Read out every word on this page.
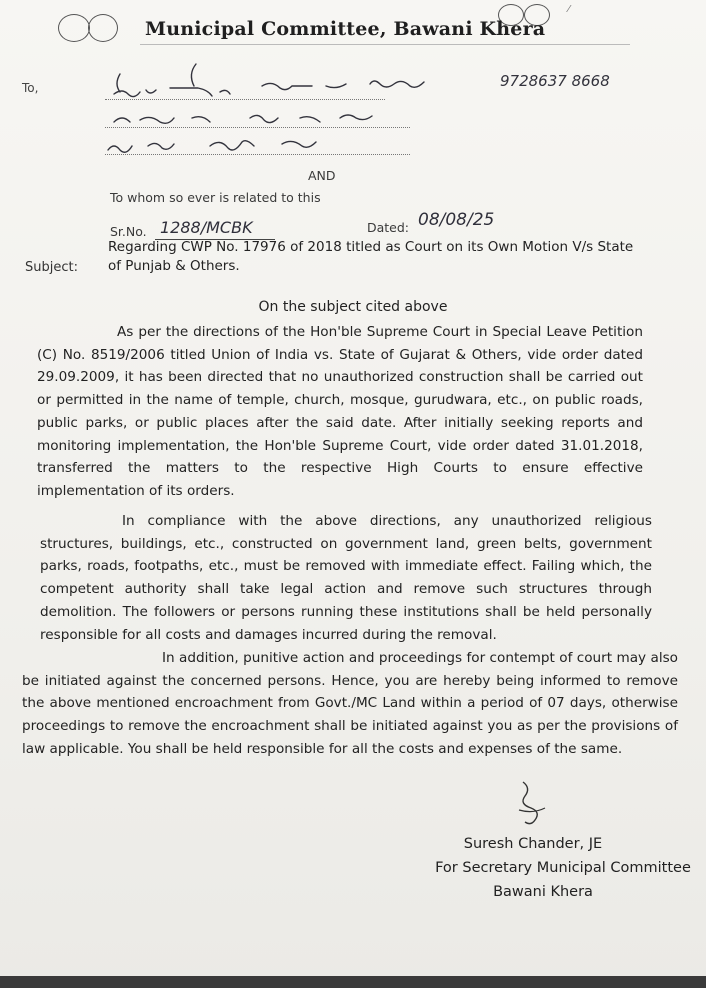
⁄
Municipal Committee, Bawani Khera
To,	9728637 8668
AND
To whom so ever is related to this
Sr.No. 1288/MCBK	Dated: 08/08/25
Subject:
Regarding CWP No. 17976 of 2018 titled as Court on its Own Motion V/s State of Punjab & Others.
On the subject cited above
As per the directions of the Hon'ble Supreme Court in Special Leave Petition (C) No. 8519/2006 titled Union of India vs. State of Gujarat & Others, vide order dated 29.09.2009, it has been directed that no unauthorized construction shall be carried out or permitted in the name of temple, church, mosque, gurudwara, etc., on public roads, public parks, or public places after the said date. After initially seeking reports and monitoring implementation, the Hon'ble Supreme Court, vide order dated 31.01.2018, transferred the matters to the respective High Courts to ensure effective implementation of its orders.
In compliance with the above directions, any unauthorized religious structures, buildings, etc., constructed on government land, green belts, government parks, roads, footpaths, etc., must be removed with immediate effect. Failing which, the competent authority shall take legal action and remove such structures through demolition. The followers or persons running these institutions shall be held personally responsible for all costs and damages incurred during the removal.
In addition, punitive action and proceedings for contempt of court may also be initiated against the concerned persons. Hence, you are hereby being informed to remove the above mentioned encroachment from Govt./MC Land within a period of 07 days, otherwise proceedings to remove the encroachment shall be initiated against you as per the provisions of law applicable. You shall be held responsible for all the costs and expenses of the same.
Suresh Chander, JE
For Secretary Municipal Committee
Bawani Khera
